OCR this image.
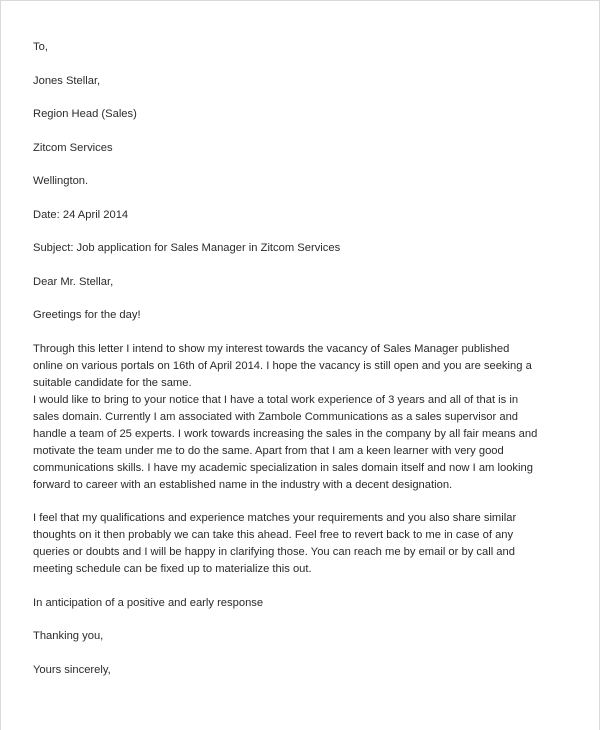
To,

Jones Stellar,

Region Head (Sales)

Zitcom Services

Wellington.

Date: 24 April 2014

Subject: Job application for Sales Manager in Zitcom Services

Dear Mr. Stellar,

Greetings for the day!

Through this letter I intend to show my interest towards the vacancy of Sales Manager published
online on various portals on 16th of April 2014. I hope the vacancy is still open and you are seeking a
suitable candidate for the same.

I would like to bring to your notice that I have a total work experience of 3 years and all of that is in
sales domain. Currently I am associated with Zambole Communications as a sales supervisor and
handle a team of 25 experts. I work towards increasing the sales in the company by all fair means and
motivate the team under me to do the same. Apart from that I am a keen learner with very good
communications skills. I have my academic specialization in sales domain itself and now I am looking
forward to career with an established name in the industry with a decent designation.

I feel that my qualifications and experience matches your requirements and you also share similar
thoughts on it then probably we can take this ahead. Feel free to revert back to me in case of any
queries or doubts and I will be happy in clarifying those. You can reach me by email or by call and
meeting schedule can be fixed up to materialize this out.

In anticipation of a positive and early response

Thanking you,

Yours sincerely,
